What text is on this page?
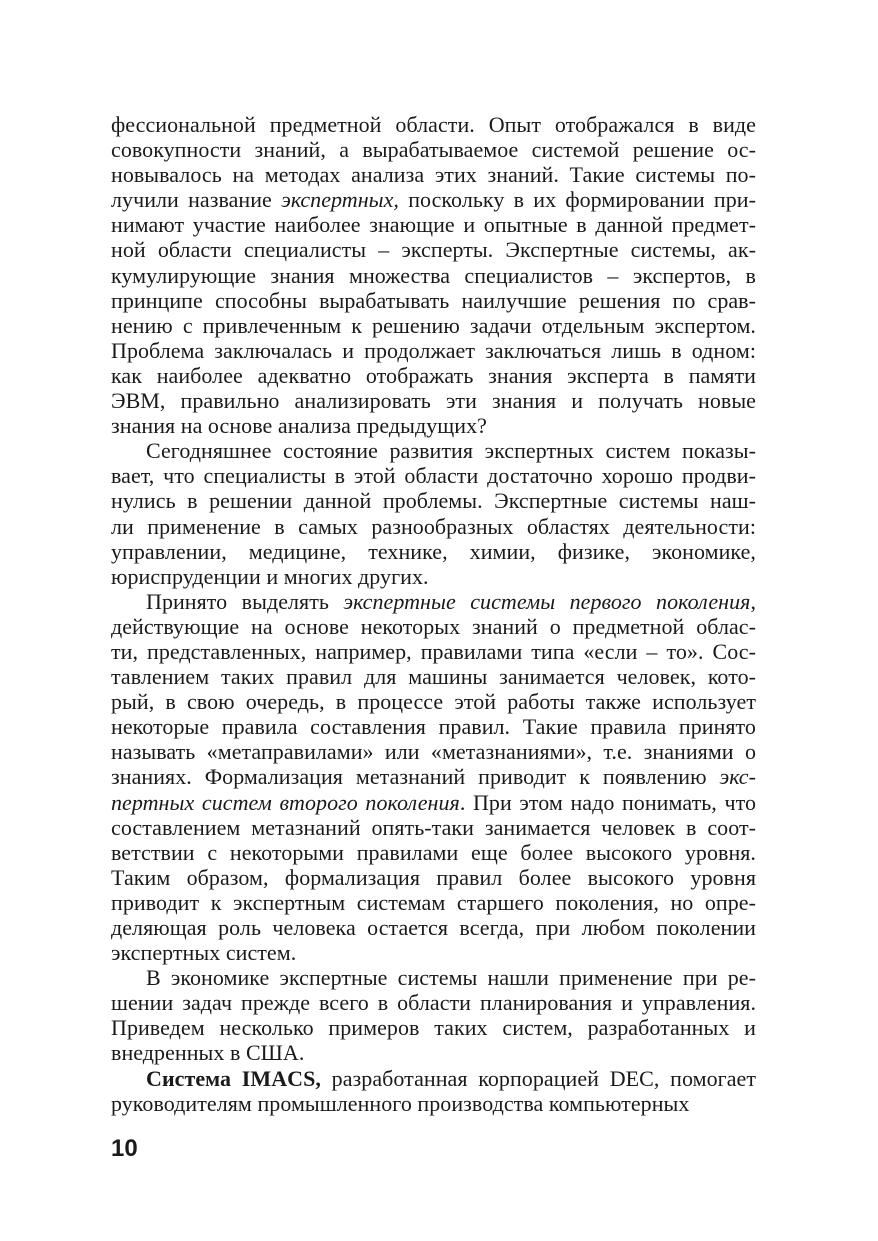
фессиональной предметной области. Опыт отображался в виде
совокупности знаний, а вырабатываемое системой решение ос-
новывалось на методах анализа этих знаний. Такие системы по-
лучили название экспертных, поскольку в их формировании при-
нимают участие наиболее знающие и опытные в данной предмет-
ной области специалисты – эксперты. Экспертные системы, ак-
кумулирующие знания множества специалистов – экспертов, в
принципе способны вырабатывать наилучшие решения по срав-
нению с привлеченным к решению задачи отдельным экспертом.
Проблема заключалась и продолжает заключаться лишь в одном:
как наиболее адекватно отображать знания эксперта в памяти
ЭВМ, правильно анализировать эти знания и получать новые
знания на основе анализа предыдущих?

Сегодняшнее состояние развития экспертных систем показы-
вает, что специалисты в этой области достаточно хорошо продви-
нулись в решении данной проблемы. Экспертные системы наш-
ли применение в самых разнообразных областях деятельности:
управлении, медицине, технике, химии, физике, экономике,
юриспруденции и многих других.

Принято выделять экспертные системы первого поколения,
действующие на основе некоторых знаний о предметной облас-
ти, представленных, например, правилами типа «если – то». Сос-
тавлением таких правил для машины занимается человек, кото-
рый, в свою очередь, в процессе этой работы также использует
некоторые правила составления правил. Такие правила принято
называть «метаправилами» или «метазнаниями», т.е. знаниями о
знаниях. Формализация метазнаний приводит к появлению экс-
пертных систем второго поколения. При этом надо понимать, что
составлением метазнаний опять-таки занимается человек в соот-
ветствии с некоторыми правилами еще более высокого уровня.
Таким образом, формализация правил более высокого уровня
приводит к экспертным системам старшего поколения, но опре-
деляющая роль человека остается всегда, при любом поколении
экспертных систем.

В экономике экспертные системы нашли применение при ре-
шении задач прежде всего в области планирования и управления.
Приведем несколько примеров таких систем, разработанных и
внедренных в США.

Система IMACS, разработанная корпорацией DEC, помогает
руководителям промышленного производства компьютерных

10
